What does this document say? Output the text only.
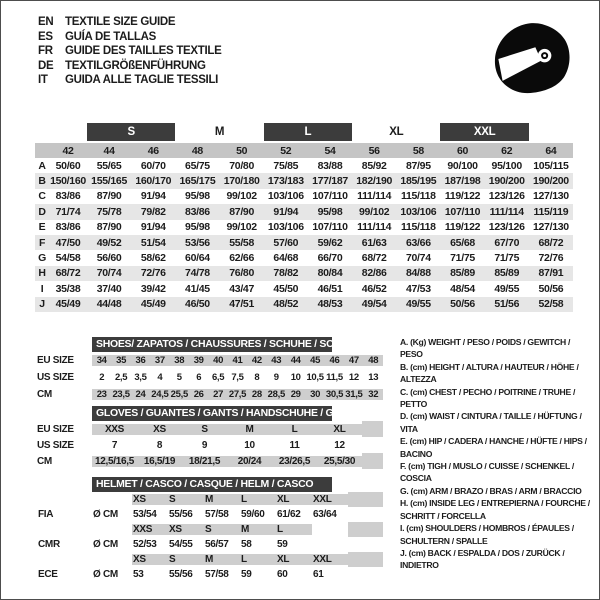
EN	TEXTILE SIZE GUIDE
ES	GUÍA DE TALLAS
FR	GUIDE DES TAILLES TEXTILE
DE	TEXTILGRÖßENFÜHRUNG
IT	GUIDA ALLE TAGLIE TESSILI
S	M	L	XL	XXL
42	44	46	48	50	52	54	56	58	60	62	64
A 50/60	55/65	60/70	65/75	70/80	75/85	83/88	85/92	87/95	90/100	95/100	105/115
B 150/160 155/165 160/170 165/175 170/180 173/183 177/187 182/190 185/195 187/198 190/200 190/200
C 83/86	87/90	91/94	95/98	99/102	103/106 107/110 111/114 115/118 119/122 123/126 127/130
D 71/74	75/78	79/82	83/86	87/90	91/94	95/98	99/102	103/106 107/110 111/114 115/119
E 83/86	87/90	91/94	95/98	99/102	103/106 107/110 111/114 115/118 119/122 123/126 127/130
F	47/50	49/52	51/54	53/56	55/58	57/60	59/62	61/63	63/66	65/68	67/70	68/72
G 54/58	56/60	58/62	60/64	62/66	64/68	66/70	68/72	70/74	71/75	71/75	72/76
H 68/72	70/74	72/76	74/78	76/80	78/82	80/84	82/86	84/88	85/89	85/89	87/91
I	35/38	37/40	39/42	41/45	43/47	45/50	46/51	46/52	47/53	48/54	49/55	50/56
J	45/49	44/48	45/49	46/50	47/51	48/52	48/53	49/54	49/55	50/56	51/56	52/58
SHOES/ ZAPATOS / CHAUSSURES / SCHUHE / SCARPE
EU SIZE	34 35 36 37 38 39 40 41 42 43 44 45 46 47 48
US SIZE	2	2,5 3,5	4	5	6	6,5 7,5	8	9	10 10,5 11,5 12 13
CM	23 23,5 24 24,5 25,5 26 27 27,5 28 28,5 29 30 30,5 31,5 32
GLOVES / GUANTES / GANTS / HANDSCHUHE / GUANTI
EU SIZE	XXS	XS	S	M	L	XL
US SIZE	7	8	9	10	11	12
CM	12,5/16,5 16,5/19	18/21,5	20/24	23/26,5	25,5/30
HELMET / CASCO / CASQUE / HELM / CASCO
XS	S	M	L	XL	XXL
FIA	Ø CM	53/54	55/56	57/58	59/60	61/62	63/64
XXS	XS	S	M	L
CMR	Ø CM	52/53	54/55	56/57	58	59
XS	S	M	L	XL	XXL
ECE	Ø CM	53	55/56	57/58	59	60	61
A. (Kg) WEIGHT / PESO / POIDS / GEWITCH / PESO
B. (cm) HEIGHT / ALTURA / HAUTEUR / HÖHE / ALTEZZA
C. (cm) CHEST / PECHO / POITRINE / TRUHE / PETTO
D. (cm) WAIST / CINTURA / TAILLE / HÜFTUNG / VITA
E. (cm) HIP / CADERA / HANCHE / HÜFTE / HIPS / BACINO
F. (cm) TIGH / MUSLO / CUISSE / SCHENKEL / COSCIA
G. (cm) ARM / BRAZO / BRAS / ARM / BRACCIO
H. (cm) INSIDE LEG / ENTREPIERNA / FOURCHE / SCHRITT / FORCELLA
I. (cm) SHOULDERS / HOMBROS / ÉPAULES / SCHULTERN / SPALLE
J. (cm) BACK / ESPALDA / DOS / ZURÜCK / INDIETRO
